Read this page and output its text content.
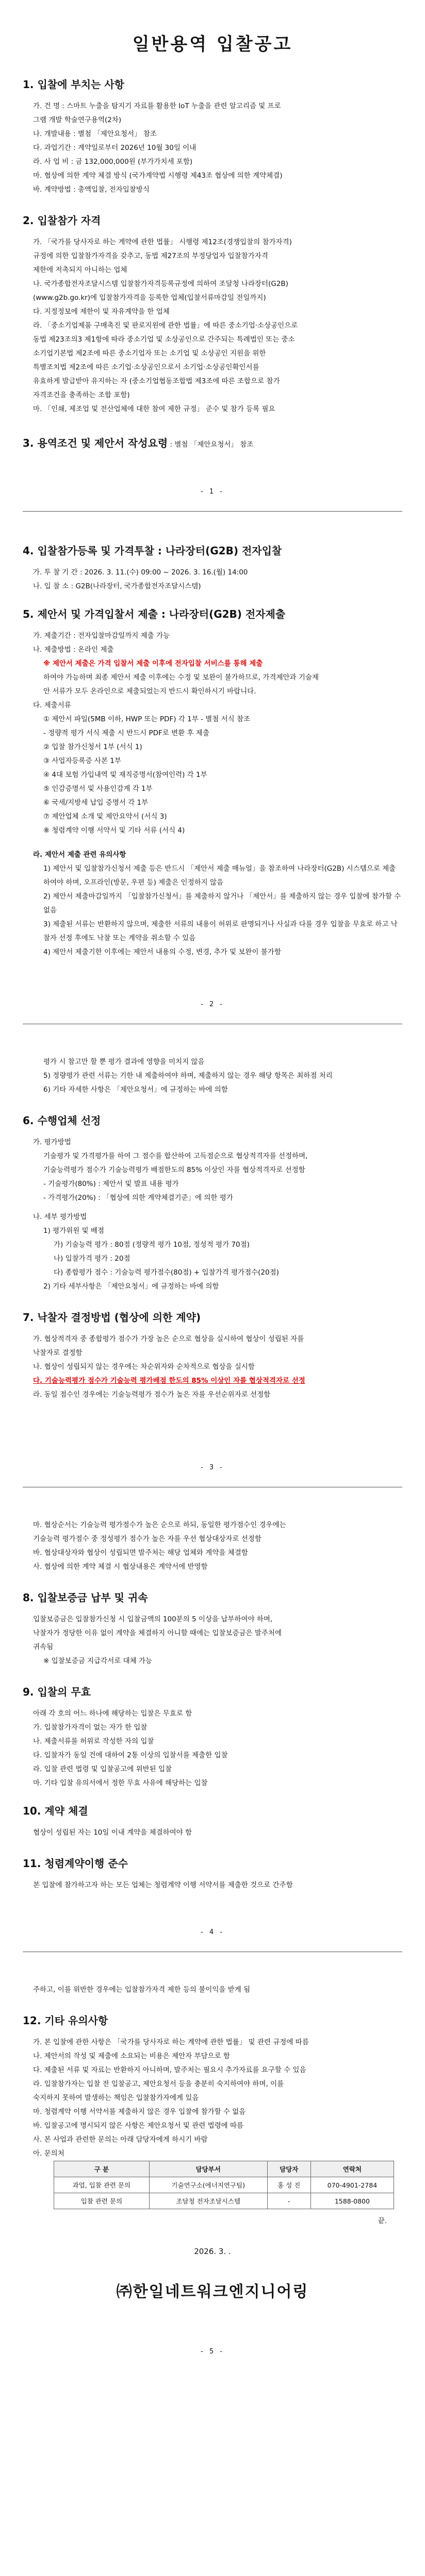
일반용역 입찰공고
1. 입찰에 부치는 사항

가. 건 명 : 스마트 누출을 탐지기 자료를 활용한 IoT 누출을 관련 알고리즘 및 프로

그램 개발 학술연구용역(2차)

나. 개발내용 : 별첨 「제안요청서」 참조

다. 과업기간 : 계약일로부터 2026년 10월 30일 이내

라. 사 업 비 : 금 132,000,000원 (부가가치세 포함)

마. 협상에 의한 계약 체결 방식 (국가계약법 시행령 제43조 협상에 의한 계약체결)

바. 계약방법 : 총액입찰, 전자입찰방식

2. 입찰참가 자격

가. 「국가를 당사자로 하는 계약에 관한 법률」 시행령 제12조(경쟁입찰의 참가자격)

규정에 의한 입찰참가자격을 갖추고, 동법 제27조의 부정당업자 입찰참가자격

제한에 저촉되지 아니하는 업체

나. 국가종합전자조달시스템 입찰참가자격등록규정에 의하여 조달청 나라장터(G2B)

(www.g2b.go.kr)에 입찰참가자격을 등록한 업체(입찰서류마감일 전일까지)

다. 지정정보에 제한이 및 자유계약을 한 업체

라. 「중소기업제품 구매촉진 및 판로지원에 관한 법률」에 따른 중소기업·소상공인으로

동법 제23조의3 제1항에 따라 중소기업 및 소상공인으로 간주되는 특례법인 또는 중소

소기업기본법 제2조에 따른 중소기업자 또는 소기업 및 소상공인 지원을 위한

특별조치법 제2조에 따른 소기업·소상공인으로서 소기업·소상공인확인서를

유효하게 발급받아 유지하는 자 (중소기업협동조합법 제3조에 따른 조합으로 참가

자격조건을 충족하는 조합 포함)

마. 「인쇄, 제조업 및 전산업체에 대한 참여 제한 규정」 준수 및 참가 등록 필요

3. 용역조건 및 제안서 작성요령 : 별첨 「제안요청서」 참조
- 1 -
4. 입찰참가등록 및 가격투찰 : 나라장터(G2B) 전자입찰

가. 투 찰 기 간 : 2026. 3. 11.(수) 09:00 ~ 2026. 3. 16.(월) 14:00

나. 입 찰 소 : G2B(나라장터, 국가종합전자조달시스템)

5. 제안서 및 가격입찰서 제출 : 나라장터(G2B) 전자제출

가. 제출기간 : 전자입찰마감일까지 제출 가능

나. 제출방법 : 온라인 제출

※ 제안서 제출은 가격 입찰서 제출 이후에 전자입찰 서비스를 통해 제출

하여야 가능하며 최종 제안서 제출 이후에는 수정 및 보완이 불가하므로, 가격제안과 기술제

안 서류가 모두 온라인으로 제출되었는지 반드시 확인하시기 바랍니다.

다. 제출서류

① 제안서 파일(5MB 이하, HWP 또는 PDF) 각 1부 - 별첨 서식 참조

- 정량적 평가 서식 제출 시 반드시 PDF로 변환 후 제출

② 입찰 참가신청서 1부 (서식 1)

③ 사업자등록증 사본 1부

④ 4대 보험 가입내역 및 재직증명서(참여인력) 각 1부

⑤ 인감증명서 및 사용인감계 각 1부

⑥ 국세/지방세 납입 증명서 각 1부

⑦ 제안업체 소개 및 제안요약서 (서식 3)

⑧ 청렴계약 이행 서약서 및 기타 서류 (서식 4)

라. 제안서 제출 관련 유의사항

1) 제안서 및 입찰참가신청서 제출 등은 반드시 「제안서 제출 매뉴얼」을 참조하여 나라장터(G2B) 시스템으로 제출하여야 하며, 오프라인(방문, 우편 등) 제출은 인정하지 않음

2) 제안서 제출마감일까지 「입찰참가신청서」를 제출하지 않거나 「제안서」를 제출하지 않는 경우 입찰에 참가할 수 없음

3) 제출된 서류는 반환하지 않으며, 제출한 서류의 내용이 허위로 판명되거나 사실과 다를 경우 입찰을 무효로 하고 낙찰자 선정 후에도 낙찰 또는 계약을 취소할 수 있음

4) 제안서 제출기한 이후에는 제안서 내용의 수정, 변경, 추가 및 보완이 불가함

- 2 -

평가 시 참고만 할 뿐 평가 결과에 영향을 미치지 않음

5) 정량평가 관련 서류는 기한 내 제출하여야 하며, 제출하지 않는 경우 해당 항목은 최하점 처리

6) 기타 자세한 사항은 「제안요청서」에 규정하는 바에 의함

6. 수행업체 선정

가. 평가방법

기술평가 및 가격평가를 하여 그 점수를 합산하여 고득점순으로 협상적격자를 선정하며,

기술능력평가 점수가 기술능력평가 배점한도의 85% 이상인 자를 협상적격자로 선정함

- 기술평가(80%) : 제안서 및 발표 내용 평가

- 가격평가(20%) : 「협상에 의한 계약체결기준」에 의한 평가

나. 세부 평가방법

1) 평가위원 및 배점

가) 기술능력 평가 : 80점 (정량적 평가 10점, 정성적 평가 70점)

나) 입찰가격 평가 : 20점

다) 종합평가 점수 : 기술능력 평가점수(80점) + 입찰가격 평가점수(20점)

2) 기타 세부사항은 「제안요청서」에 규정하는 바에 의함

7. 낙찰자 결정방법 (협상에 의한 계약)

가. 협상적격자 중 종합평가 점수가 가장 높은 순으로 협상을 실시하여 협상이 성립된 자를

낙찰자로 결정함

나. 협상이 성립되지 않는 경우에는 차순위자와 순차적으로 협상을 실시함

다. 기술능력평가 점수가 기술능력 평가배점 한도의 85% 이상인 자를 협상적격자로 선정

라. 동일 점수인 경우에는 기술능력평가 점수가 높은 자를 우선순위자로 선정함

- 3 -

마. 협상순서는 기술능력 평가점수가 높은 순으로 하되, 동일한 평가점수인 경우에는

기술능력 평가점수 중 정성평가 점수가 높은 자를 우선 협상대상자로 선정함

바. 협상대상자와 협상이 성립되면 발주처는 해당 업체와 계약을 체결함

사. 협상에 의한 계약 체결 시 협상내용은 계약서에 반영함

8. 입찰보증금 납부 및 귀속

입찰보증금은 입찰참가신청 시 입찰금액의 100분의 5 이상을 납부하여야 하며,

낙찰자가 정당한 이유 없이 계약을 체결하지 아니할 때에는 입찰보증금은 발주처에

귀속됨

※ 입찰보증금 지급각서로 대체 가능

9. 입찰의 무효

아래 각 호의 어느 하나에 해당하는 입찰은 무효로 함

가. 입찰참가자격이 없는 자가 한 입찰

나. 제출서류를 허위로 작성한 자의 입찰

다. 입찰자가 동일 건에 대하여 2통 이상의 입찰서를 제출한 입찰

라. 입찰 관련 법령 및 입찰공고에 위반된 입찰

마. 기타 입찰 유의서에서 정한 무효 사유에 해당하는 입찰

10. 계약 체결

협상이 성립된 자는 10일 이내 계약을 체결하여야 함

11. 청렴계약이행 준수

본 입찰에 참가하고자 하는 모든 업체는 청렴계약 이행 서약서를 제출한 것으로 간주함

- 4 -

주하고, 이를 위반한 경우에는 입찰참가자격 제한 등의 불이익을 받게 됨

12. 기타 유의사항

가. 본 입찰에 관한 사항은 「국가를 당사자로 하는 계약에 관한 법률」 및 관련 규정에 따름

나. 제안서의 작성 및 제출에 소요되는 비용은 제안자 부담으로 함

다. 제출된 서류 및 자료는 반환하지 아니하며, 발주처는 필요시 추가자료를 요구할 수 있음

라. 입찰참가자는 입찰 전 입찰공고, 제안요청서 등을 충분히 숙지하여야 하며, 이를

숙지하지 못하여 발생하는 책임은 입찰참가자에게 있음

마. 청렴계약 이행 서약서를 제출하지 않은 경우 입찰에 참가할 수 없음

바. 입찰공고에 명시되지 않은 사항은 제안요청서 및 관련 법령에 따름

사. 본 사업과 관련한 문의는 아래 담당자에게 하시기 바람

아. 문의처

구 분	담당부서	담당자	연락처
과업, 입찰 관련 문의	기술연구소(에너지연구팀)	홍 성 진	070-4901-2784
입찰 관련 문의	조달청 전자조달시스템	-	1588-0800

끝.

2026. 3. .
㈜한일네트워크엔지니어링
- 5 -
